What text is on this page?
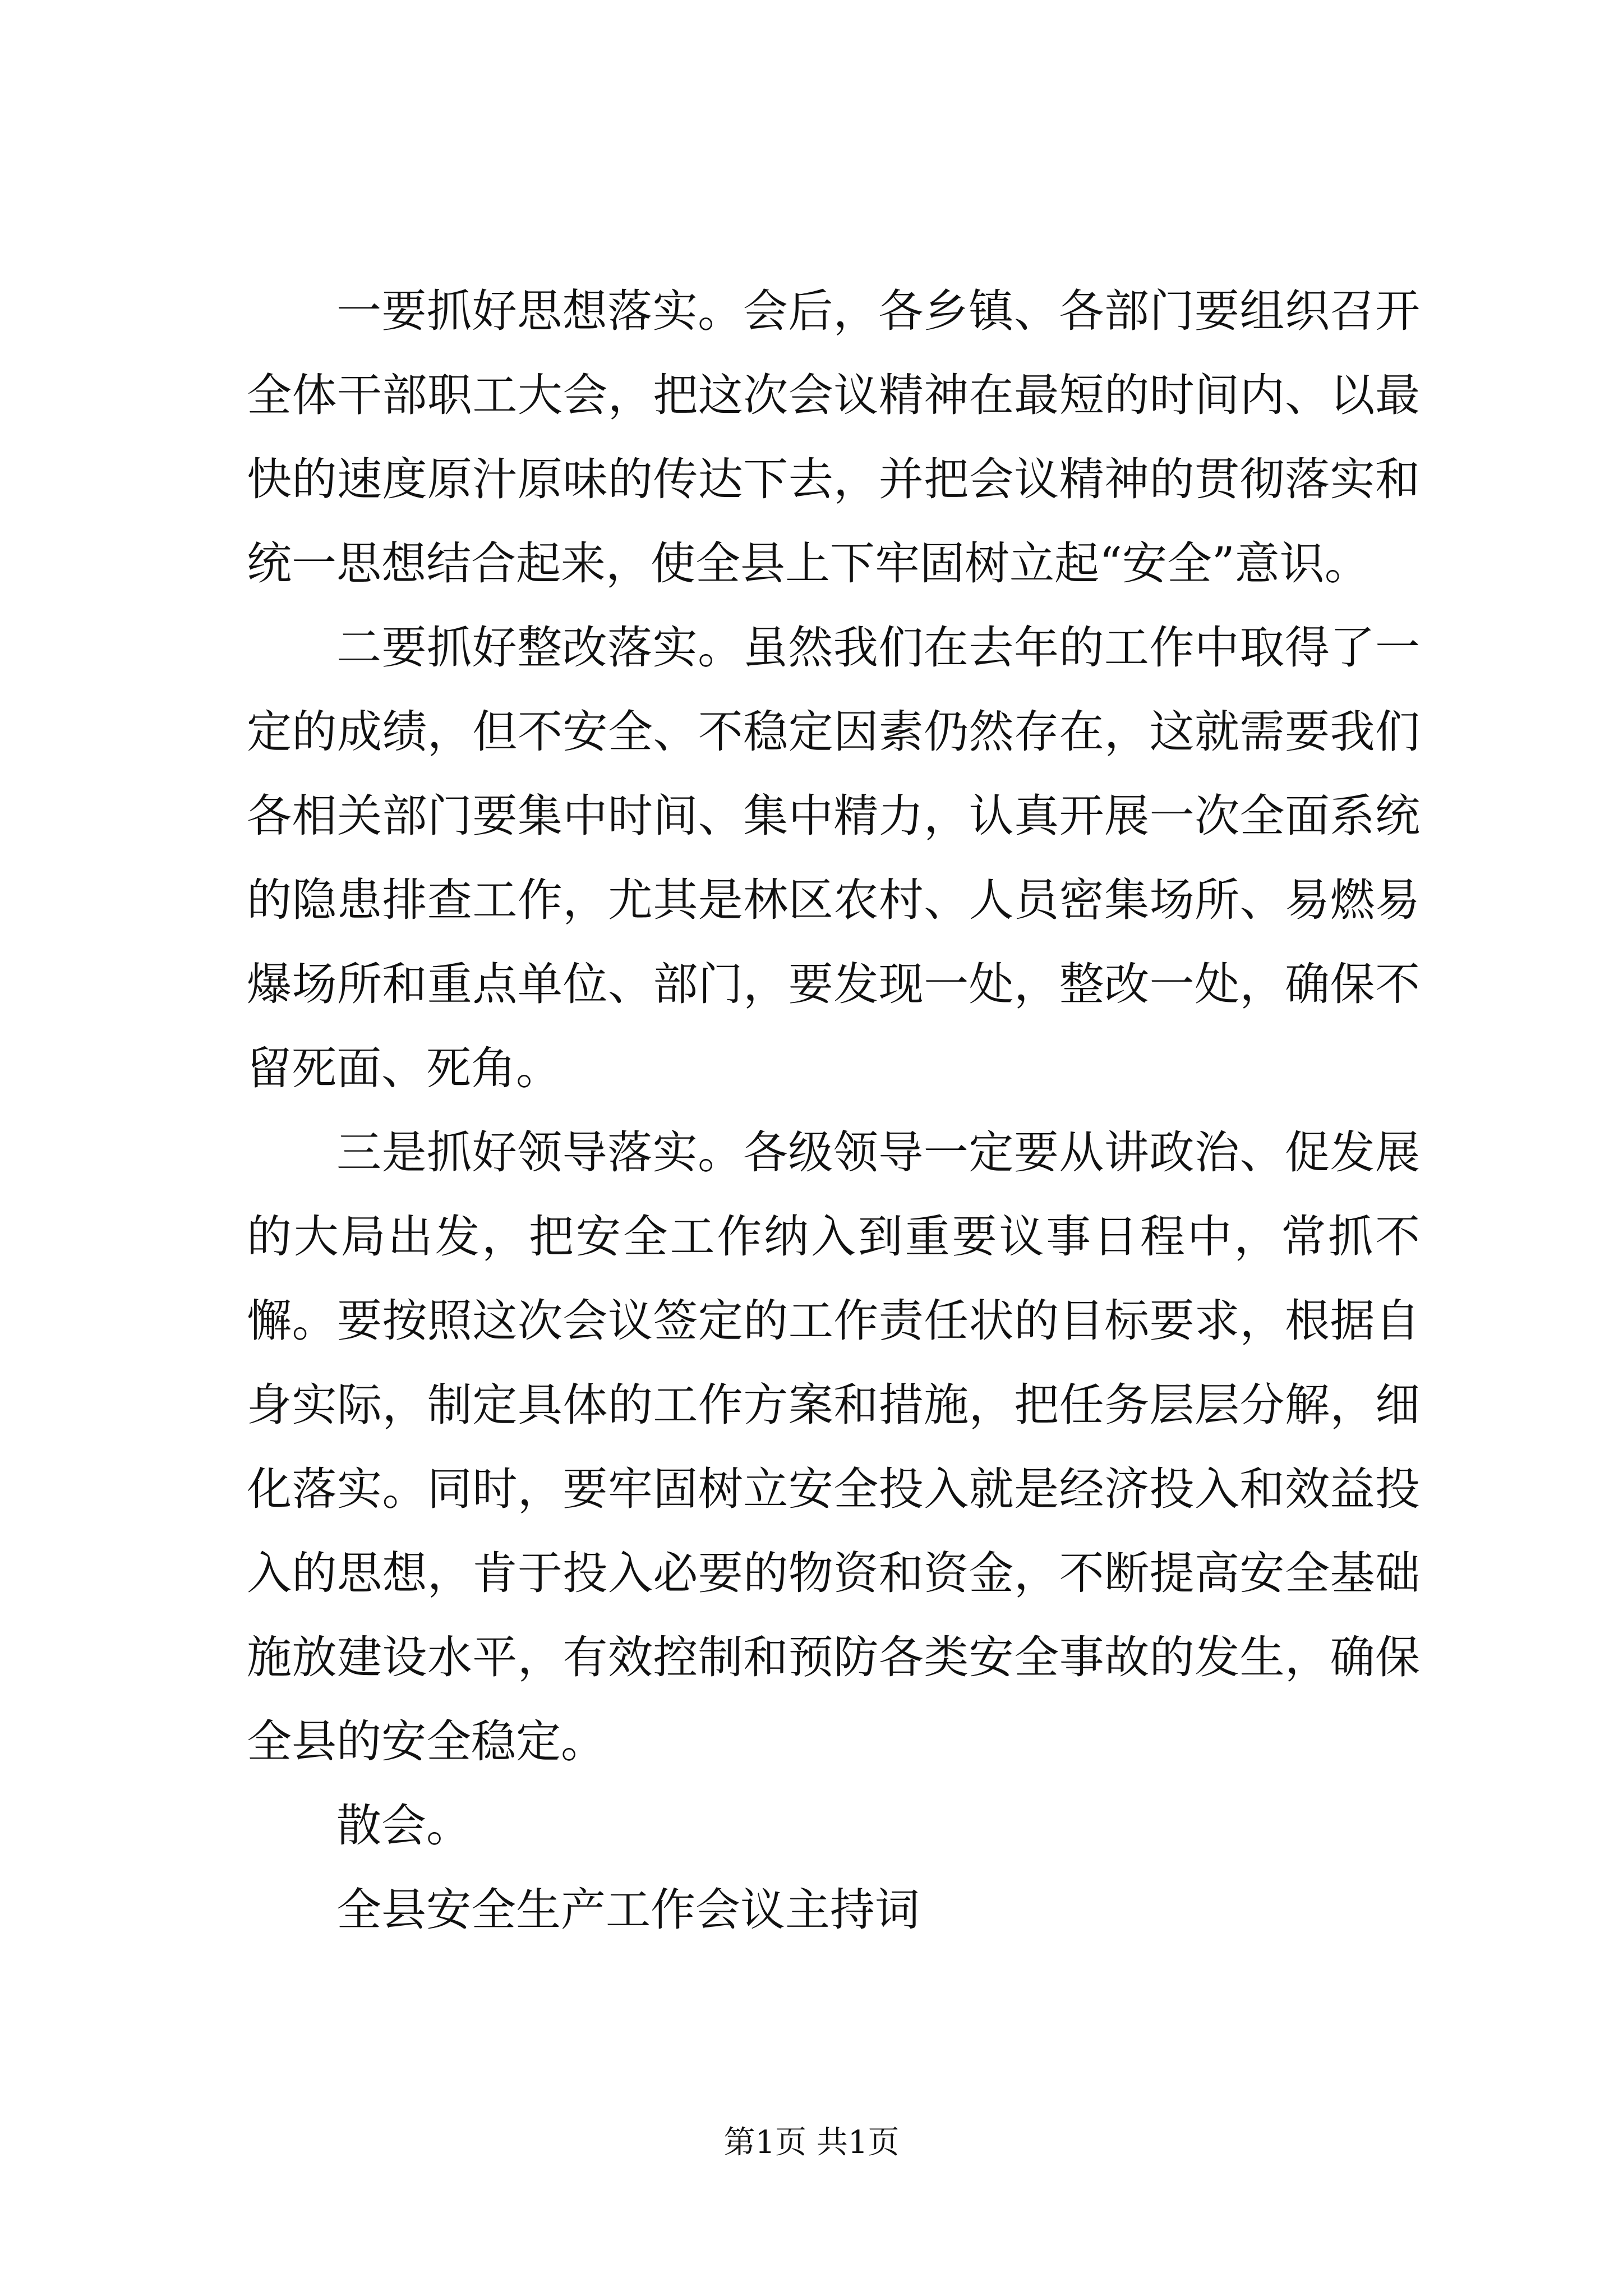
一要抓好思想落实。会后，各乡镇、各部门要组织召开全体干部职工大会，把这次会议精神在最短的时间内、以最快的速度原汁原味的传达下去，并把会议精神的贯彻落实和统一思想结合起来，使全县上下牢固树立起“安全”意识。

二要抓好整改落实。虽然我们在去年的工作中取得了一定的成绩，但不安全、不稳定因素仍然存在，这就需要我们各相关部门要集中时间、集中精力，认真开展一次全面系统的隐患排查工作，尤其是林区农村、人员密集场所、易燃易爆场所和重点单位、部门，要发现一处，整改一处，确保不留死面、死角。

三是抓好领导落实。各级领导一定要从讲政治、促发展的大局出发，把安全工作纳入到重要议事日程中，常抓不懈。要按照这次会议签定的工作责任状的目标要求，根据自身实际，制定具体的工作方案和措施，把任务层层分解，细化落实。同时，要牢固树立安全投入就是经济投入和效益投入的思想，肯于投入必要的物资和资金，不断提高安全基础施放建设水平，有效控制和预防各类安全事故的发生，确保全县的安全稳定。

散会。

全县安全生产工作会议主持词

第1页 共1页
